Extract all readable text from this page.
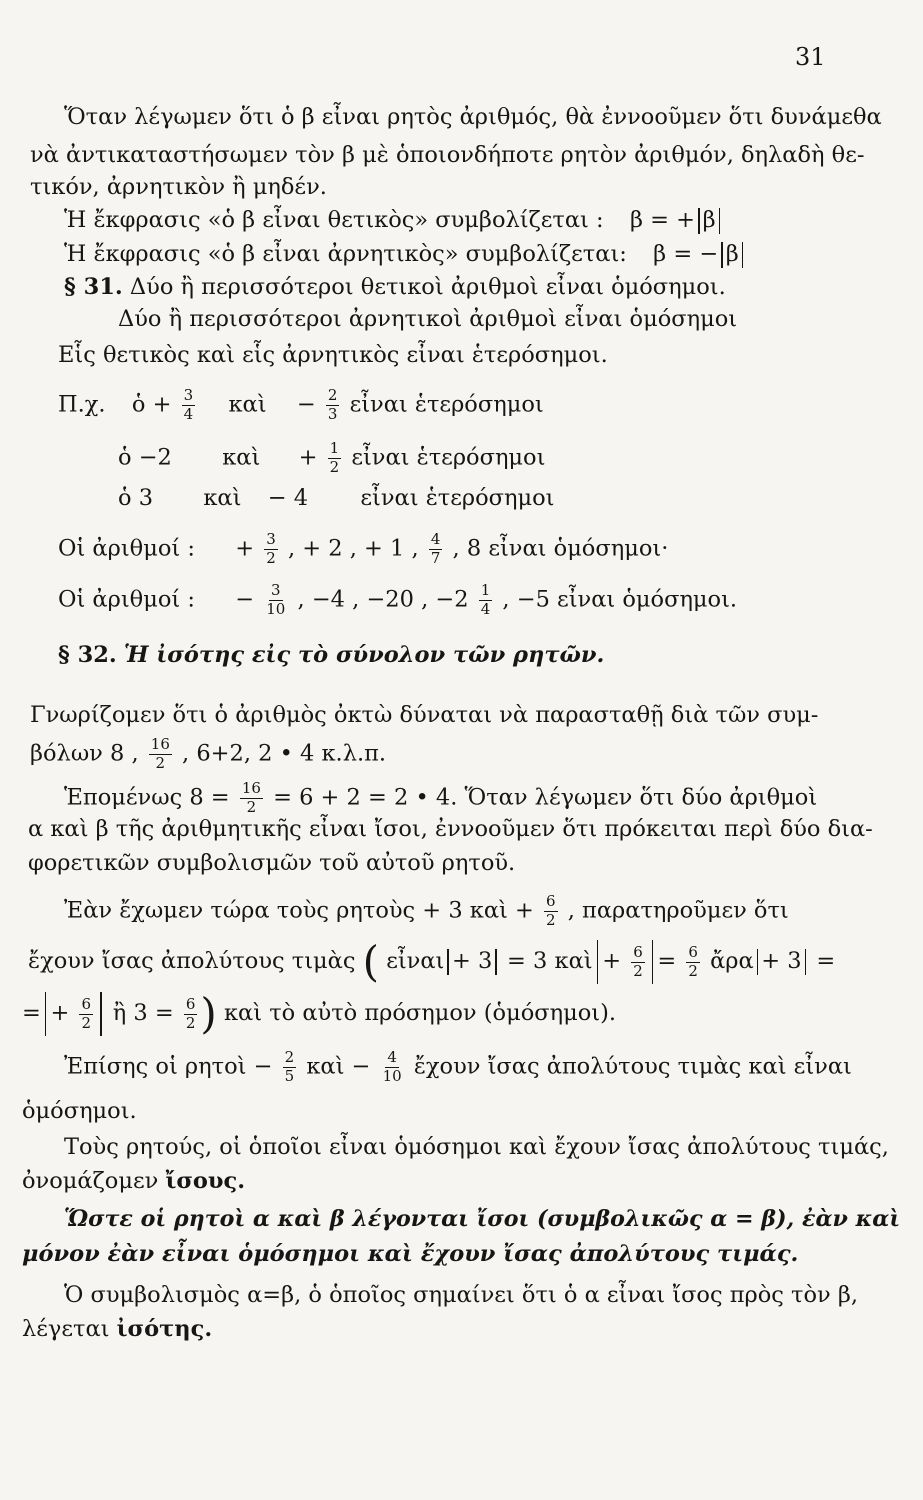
31
Ὅταν λέγωμεν ὅτι ὁ β εἶναι ρητὸς ἀριθμός, θὰ ἐννοοῦμεν ὅτι δυνάμεθα
νὰ ἀντικαταστήσωμεν τὸν β μὲ ὁποιονδήποτε ρητὸν ἀριθμόν, δηλαδὴ θε-
τικόν, ἀρνητικὸν ἢ μηδέν.
Ἡ ἔκφρασις «ὁ β εἶναι θετικὸς» συμβολίζεται : β = + β
Ἡ ἔκφρασις «ὁ β εἶναι ἀρνητικὸς» συμβολίζεται: β = − β
§ 31. Δύο ἢ περισσότεροι θετικοὶ ἀριθμοὶ εἶναι ὁμόσημοι.
Δύο ἢ περισσότεροι ἀρνητικοὶ ἀριθμοὶ εἶναι ὁμόσημοι
Εἷς θετικὸς καὶ εἷς ἀρνητικὸς εἶναι ἑτερόσημοι.
Π.χ. ὁ + $\frac{3}{4}$ καὶ − $\frac{2}{3}$ εἶναι ἑτερόσημοι
ὁ −2 καὶ + $\frac{1}{2}$ εἶναι ἑτερόσημοι
ὁ 3 καὶ − 4 εἶναι ἑτερόσημοι
Οἱ ἀριθμοί : + $\frac{3}{2}$ , + 2 , + 1 , $\frac{4}{7}$ , 8 εἶναι ὁμόσημοι·
Οἱ ἀριθμοί : − $\frac{3}{10}$ , −4 , −20 , $-2 \frac{1}{4}$ , −5 εἶναι ὁμόσημοι.
§ 32. Ἡ ἰσότης εἰς τὸ σύνολον τῶν ρητῶν.
Γνωρίζομεν ὅτι ὁ ἀριθμὸς ὀκτὼ δύναται νὰ παρασταθῇ διὰ τῶν συμ-
βόλων 8 , $\frac{16}{2}$ , 6+2, 2 • 4 κ.λ.π.
Ἑπομένως $8 = \frac{16}{2} = 6 + 2 = 2$ • 4. Ὅταν λέγωμεν ὅτι δύο ἀριθμοὶ
α καὶ β τῆς ἀριθμητικῆς εἶναι ἴσοι, ἐννοοῦμεν ὅτι πρόκειται περὶ δύο δια-
φορετικῶν συμβολισμῶν τοῦ αὐτοῦ ρητοῦ.
Ἐὰν ἔχωμεν τώρα τοὺς ρητοὺς + 3 καὶ + $\frac{6}{2}$ , παρατηροῦμεν ὅτι
ἔχουν ἴσας ἀπολύτους τιμὰς ( εἶναι + 3 = 3 καὶ + $\frac{6}{2} = \frac{6}{2}$ ἄρα + 3 =
= + $\frac{6}{2}$ ἢ $3 = \frac{6}{2}$ ) καὶ τὸ αὐτὸ πρόσημον (ὁμόσημοι).
Ἐπίσης οἱ ρητοὶ − $\frac{2}{5}$ καὶ − $\frac{4}{10}$ ἔχουν ἴσας ἀπολύτους τιμὰς καὶ εἶναι
ὁμόσημοι.
Τοὺς ρητούς, οἱ ὁποῖοι εἶναι ὁμόσημοι καὶ ἔχουν ἴσας ἀπολύτους τιμάς,
ὀνομάζομεν ἴσους.
Ὥστε οἱ ρητοὶ α καὶ β λέγονται ἴσοι (συμβολικῶς α = β), ἐὰν καὶ
μόνον ἐὰν εἶναι ὁμόσημοι καὶ ἔχουν ἴσας ἀπολύτους τιμάς.
Ὁ συμβολισμὸς α=β, ὁ ὁποῖος σημαίνει ὅτι ὁ α εἶναι ἴσος πρὸς τὸν β,
λέγεται ἰσότης.
